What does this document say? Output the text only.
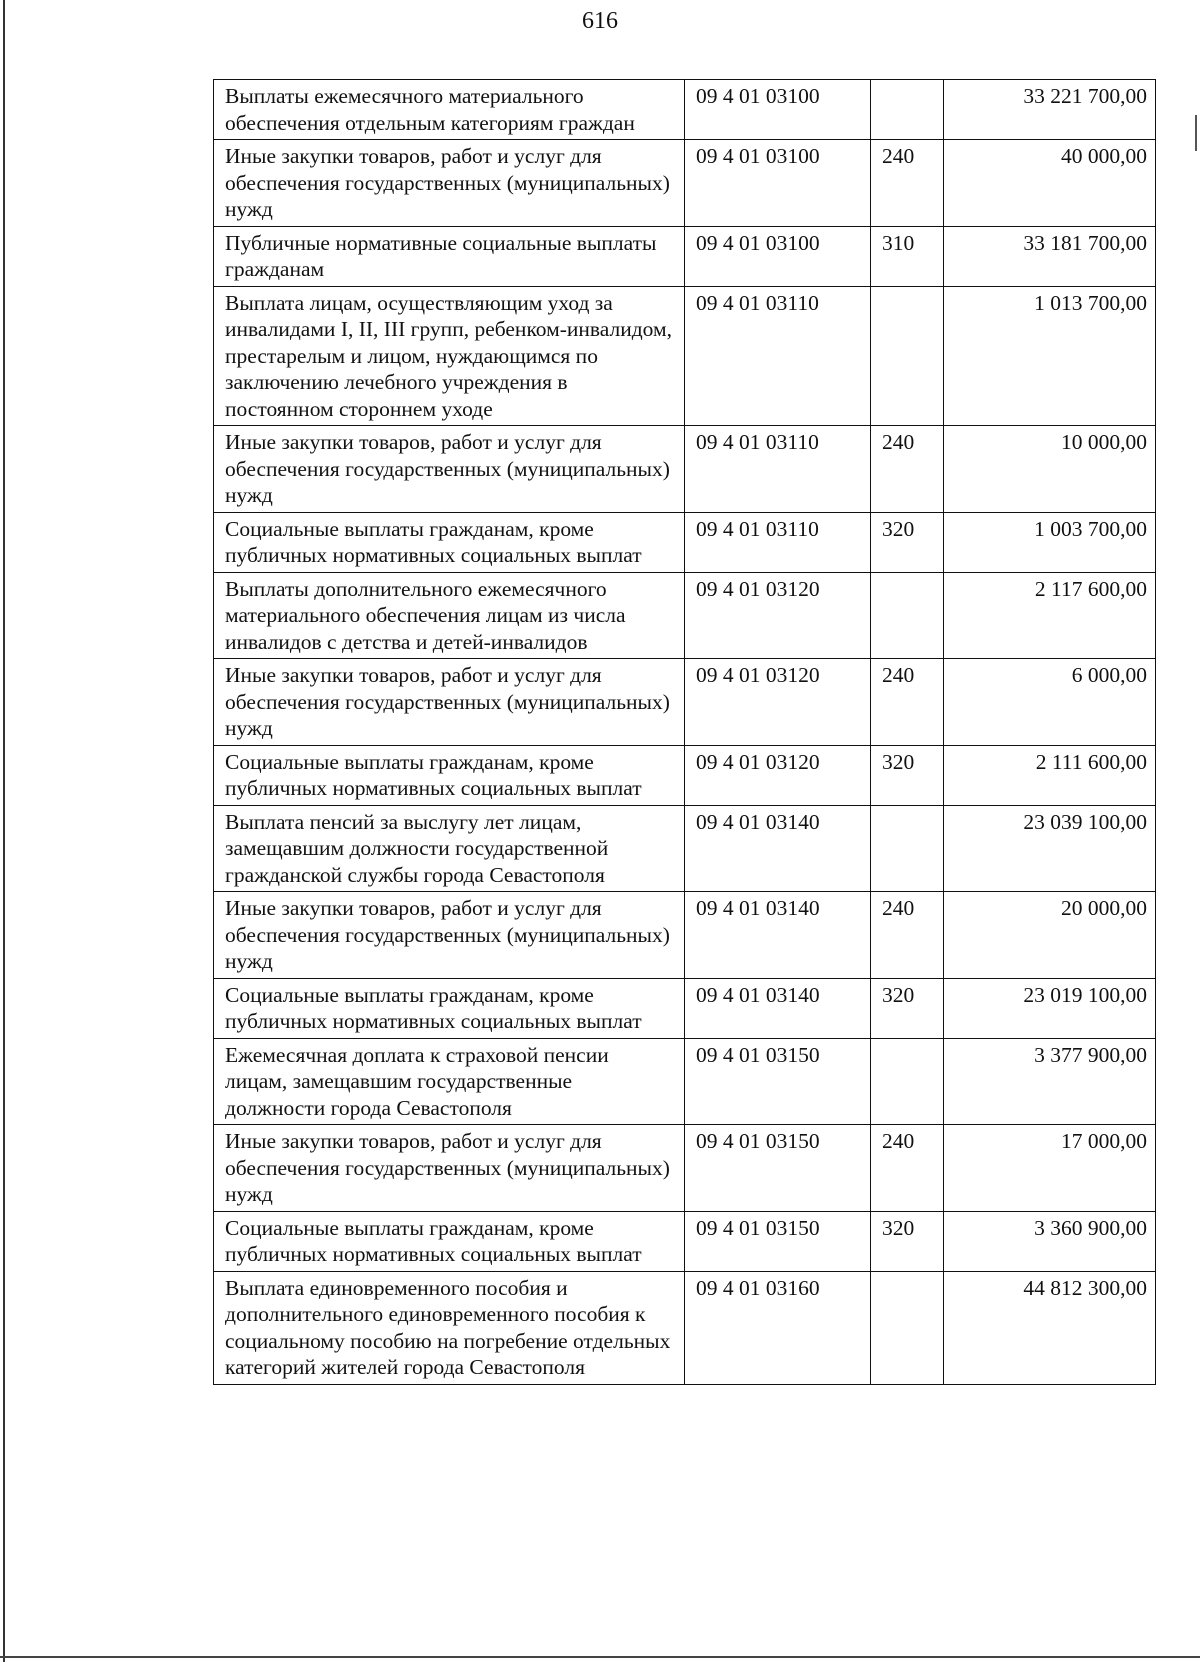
616
Выплаты ежемесячного материального обеспечения отдельным категориям граждан	09 4 01 03100		33 221 700,00
Иные закупки товаров, работ и услуг для обеспечения государственных (муниципальных) нужд	09 4 01 03100	240	40 000,00
Публичные нормативные социальные выплаты гражданам	09 4 01 03100	310	33 181 700,00
Выплата лицам, осуществляющим уход за инвалидами I, II, III групп, ребенком-инвалидом, престарелым и лицом, нуждающимся по заключению лечебного учреждения в постоянном стороннем уходе	09 4 01 03110		1 013 700,00
Иные закупки товаров, работ и услуг для обеспечения государственных (муниципальных) нужд	09 4 01 03110	240	10 000,00
Социальные выплаты гражданам, кроме публичных нормативных социальных выплат	09 4 01 03110	320	1 003 700,00
Выплаты дополнительного ежемесячного материального обеспечения лицам из числа инвалидов с детства и детей-инвалидов	09 4 01 03120		2 117 600,00
Иные закупки товаров, работ и услуг для обеспечения государственных (муниципальных) нужд	09 4 01 03120	240	6 000,00
Социальные выплаты гражданам, кроме публичных нормативных социальных выплат	09 4 01 03120	320	2 111 600,00
Выплата пенсий за выслугу лет лицам, замещавшим должности государственной гражданской службы города Севастополя	09 4 01 03140		23 039 100,00
Иные закупки товаров, работ и услуг для обеспечения государственных (муниципальных) нужд	09 4 01 03140	240	20 000,00
Социальные выплаты гражданам, кроме публичных нормативных социальных выплат	09 4 01 03140	320	23 019 100,00
Ежемесячная доплата к страховой пенсии лицам, замещавшим государственные должности города Севастополя	09 4 01 03150		3 377 900,00
Иные закупки товаров, работ и услуг для обеспечения государственных (муниципальных) нужд	09 4 01 03150	240	17 000,00
Социальные выплаты гражданам, кроме публичных нормативных социальных выплат	09 4 01 03150	320	3 360 900,00
Выплата единовременного пособия и дополнительного единовременного пособия к социальному пособию на погребение отдельных категорий жителей города Севастополя	09 4 01 03160		44 812 300,00
